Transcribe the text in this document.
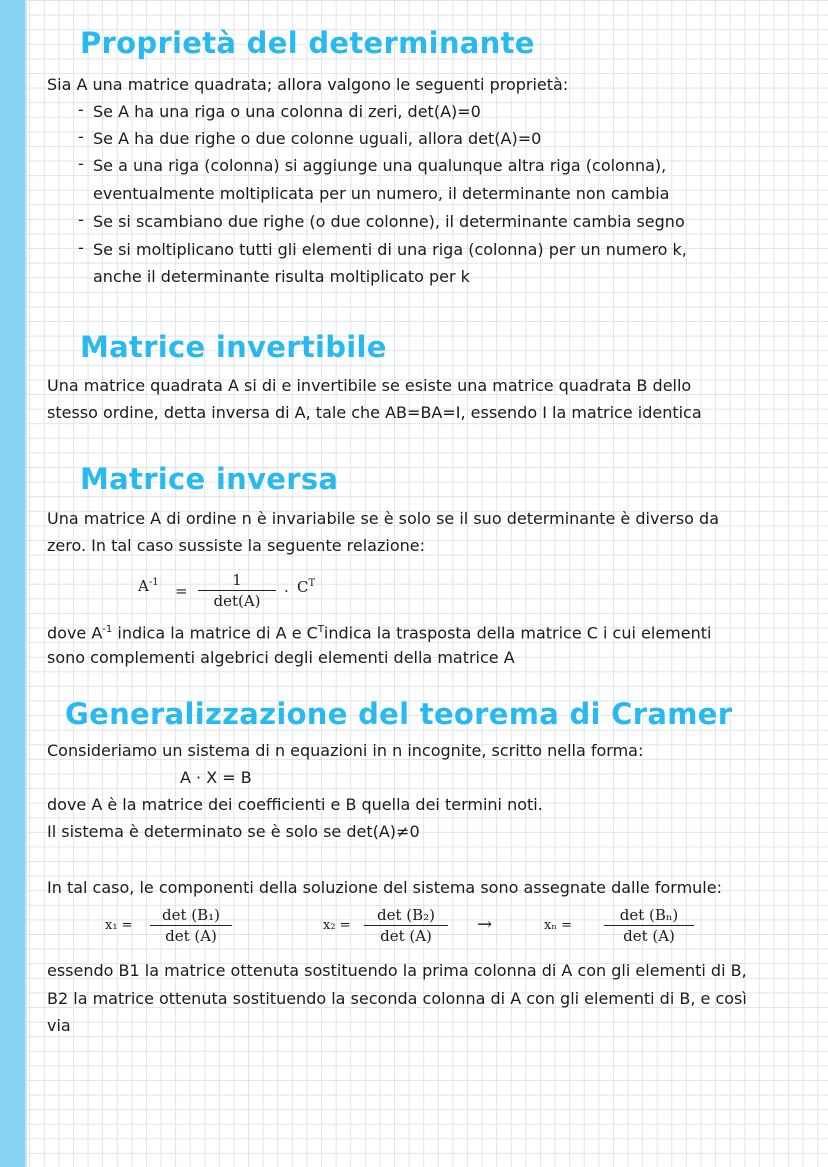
Proprietà del determinante

Sia A una matrice quadrata; allora valgono le seguenti proprietà:

- Se A ha una riga o una colonna di zeri, det(A)=0

- Se A ha due righe o due colonne uguali, allora det(A)=0

- Se a una riga (colonna) si aggiunge una qualunque altra riga (colonna),

eventualmente moltiplicata per un numero, il determinante non cambia

- Se si scambiano due righe (o due colonne), il determinante cambia segno

- Se si moltiplicano tutti gli elementi di una riga (colonna) per un numero k,

anche il determinante risulta moltiplicato per k

Matrice invertibile

Una matrice quadrata A si di e invertibile se esiste una matrice quadrata B dello

stesso ordine, detta inversa di A, tale che AB=BA=I, essendo I la matrice identica

Matrice inversa

Una matrice A di ordine n è invariabile se è solo se il suo determinante è diverso da

zero. In tal caso sussiste la seguente relazione:

$A^{-1}$ =
1
det(A)
· $C^T$

dove $A^{-1}$ indica la matrice di A e $C^Tindica$ la trasposta della matrice C i cui elementi

sono complementi algebrici degli elementi della matrice A

Generalizzazione del teorema di Cramer

Consideriamo un sistema di n equazioni in n incognite, scritto nella forma:

A · X = B

dove A è la matrice dei coefficienti e B quella dei termini noti.

Il sistema è determinato se è solo se det(A)≠0

In tal caso, le componenti della soluzione del sistema sono assegnate dalle formule:

x₁ =
det (B₁)
det (A)
x₂ =
det (B₂)
det (A)
→	xₙ =
det (Bₙ)
det (A)

essendo B1 la matrice ottenuta sostituendo la prima colonna di A con gli elementi di B,

B2 la matrice ottenuta sostituendo la seconda colonna di A con gli elementi di B, e così

via
